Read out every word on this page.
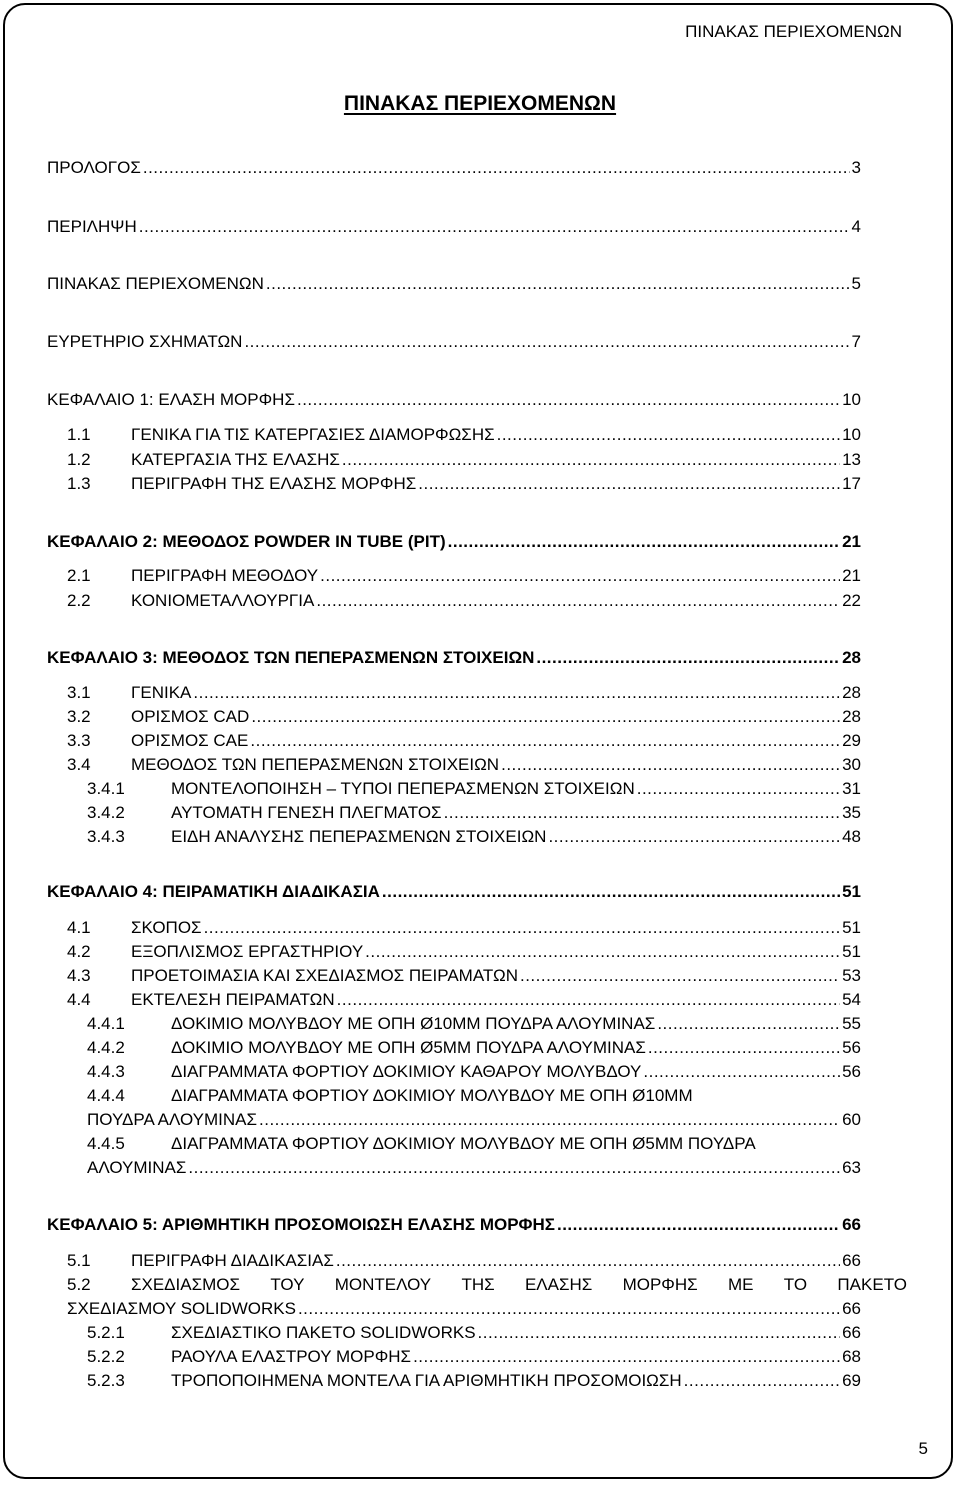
ΠΙΝΑΚΑΣ ΠΕΡΙΕΧΟΜΕΝΩΝ
ΠΙΝΑΚΑΣ ΠΕΡΙΕΧΟΜΕΝΩΝ
ΠΡΟΛΟΓΟΣ .....	3
ΠΕΡΙΛΗΨΗ .....	4
ΠΙΝΑΚΑΣ ΠΕΡΙΕΧΟΜΕΝΩΝ .....	5
ΕΥΡΕΤΗΡΙΟ ΣΧΗΜΑΤΩΝ .....	7
ΚΕΦΑΛΑΙΟ 1: ΕΛΑΣΗ ΜΟΡΦΗΣ .....	10
1.1 ΓΕΝΙΚΑ ΓΙΑ ΤΙΣ ΚΑΤΕΡΓΑΣΙΕΣ ΔΙΑΜΟΡΦΩΣΗΣ .....	10
1.2 ΚΑΤΕΡΓΑΣΙΑ ΤΗΣ ΕΛΑΣΗΣ .....	13
1.3 ΠΕΡΙΓΡΑΦΗ ΤΗΣ ΕΛΑΣΗΣ ΜΟΡΦΗΣ .....	17
ΚΕΦΑΛΑΙΟ 2: ΜΕΘΟΔΟΣ POWDER IN TUBE (PIT) .....	21
2.1 ΠΕΡΙΓΡΑΦΗ ΜΕΘΟΔΟΥ .....	21
2.2 ΚΟΝΙΟΜΕΤΑΛΛΟΥΡΓΙΑ .....	22
ΚΕΦΑΛΑΙΟ 3: ΜΕΘΟΔΟΣ ΤΩΝ ΠΕΠΕΡΑΣΜΕΝΩΝ ΣΤΟΙΧΕΙΩΝ .....	28
3.1 ΓΕΝΙΚΑ .....	28
3.2 ΟΡΙΣΜΟΣ CAD .....	28
3.3 ΟΡΙΣΜΟΣ CAE .....	29
3.4 ΜΕΘΟΔΟΣ ΤΩΝ ΠΕΠΕΡΑΣΜΕΝΩΝ ΣΤΟΙΧΕΙΩΝ .....	30
3.4.1	ΜΟΝΤΕΛΟΠΟΙΗΣΗ – ΤΥΠΟΙ ΠΕΠΕΡΑΣΜΕΝΩΝ ΣΤΟΙΧΕΙΩΝ .....	31
3.4.2	ΑΥΤΟΜΑΤΗ ΓΕΝΕΣΗ ΠΛΕΓΜΑΤΟΣ .....	35
3.4.3	ΕΙΔΗ ΑΝΑΛΥΣΗΣ ΠΕΠΕΡΑΣΜΕΝΩΝ ΣΤΟΙΧΕΙΩΝ .....	48
ΚΕΦΑΛΑΙΟ 4: ΠΕΙΡΑΜΑΤΙΚΗ ΔΙΑΔΙΚΑΣΙΑ .....	51
4.1 ΣΚΟΠΟΣ .....	51
4.2 ΕΞΟΠΛΙΣΜΟΣ ΕΡΓΑΣΤΗΡΙΟΥ .....	51
4.3 ΠΡΟΕΤΟΙΜΑΣΙΑ ΚΑΙ ΣΧΕΔΙΑΣΜΟΣ ΠΕΙΡΑΜΑΤΩΝ .....	53
4.4 ΕΚΤΕΛΕΣΗ ΠΕΙΡΑΜΑΤΩΝ .....	54
4.4.1	ΔΟΚΙΜΙΟ ΜΟΛΥΒΔΟΥ ΜΕ ΟΠΗ Ø10ΜΜ ΠΟΥΔΡΑ ΑΛΟΥΜΙΝΑΣ .....	55
4.4.2	ΔΟΚΙΜΙΟ ΜΟΛΥΒΔΟΥ ΜΕ ΟΠΗ Ø5ΜΜ ΠΟΥΔΡΑ ΑΛΟΥΜΙΝΑΣ .....	56
4.4.3	ΔΙΑΓΡΑΜΜΑΤΑ ΦΟΡΤΙΟΥ ΔΟΚΙΜΙΟΥ ΚΑΘΑΡΟΥ ΜΟΛΥΒΔΟΥ .....	56
4.4.4	ΔΙΑΓΡΑΜΜΑΤΑ ΦΟΡΤΙΟΥ ΔΟΚΙΜΙΟΥ ΜΟΛΥΒΔΟΥ ΜΕ ΟΠΗ Ø10ΜΜ
ΠΟΥΔΡΑ ΑΛΟΥΜΙΝΑΣ .....	60
4.4.5	ΔΙΑΓΡΑΜΜΑΤΑ ΦΟΡΤΙΟΥ ΔΟΚΙΜΙΟΥ ΜΟΛΥΒΔΟΥ ΜΕ ΟΠΗ Ø5ΜΜ ΠΟΥΔΡΑ
ΑΛΟΥΜΙΝΑΣ .....	63
ΚΕΦΑΛΑΙΟ 5: ΑΡΙΘΜΗΤΙΚΗ ΠΡΟΣΟΜΟΙΩΣΗ ΕΛΑΣΗΣ ΜΟΡΦΗΣ .....	66
5.1 ΠΕΡΙΓΡΑΦΗ ΔΙΑΔΙΚΑΣΙΑΣ .....	66
5.2 ΣΧΕΔΙΑΣΜΟΣ ΤΟΥ ΜΟΝΤΕΛΟΥ ΤΗΣ ΕΛΑΣΗΣ ΜΟΡΦΗΣ ΜΕ ΤΟ ΠΑΚΕΤΟ
ΣΧΕΔΙΑΣΜΟΥ SOLIDWORKS .....	66
5.2.1	ΣΧΕΔΙΑΣΤΙΚΟ ΠΑΚΕΤΟ SOLIDWORKS .....	66
5.2.2	ΡΑΟΥΛΑ ΕΛΑΣΤΡΟΥ ΜΟΡΦΗΣ .....	68
5.2.3	ΤΡΟΠΟΠΟΙΗΜΕΝΑ ΜΟΝΤΕΛΑ ΓΙΑ ΑΡΙΘΜΗΤΙΚΗ ΠΡΟΣΟΜΟΙΩΣΗ .....	69
5
